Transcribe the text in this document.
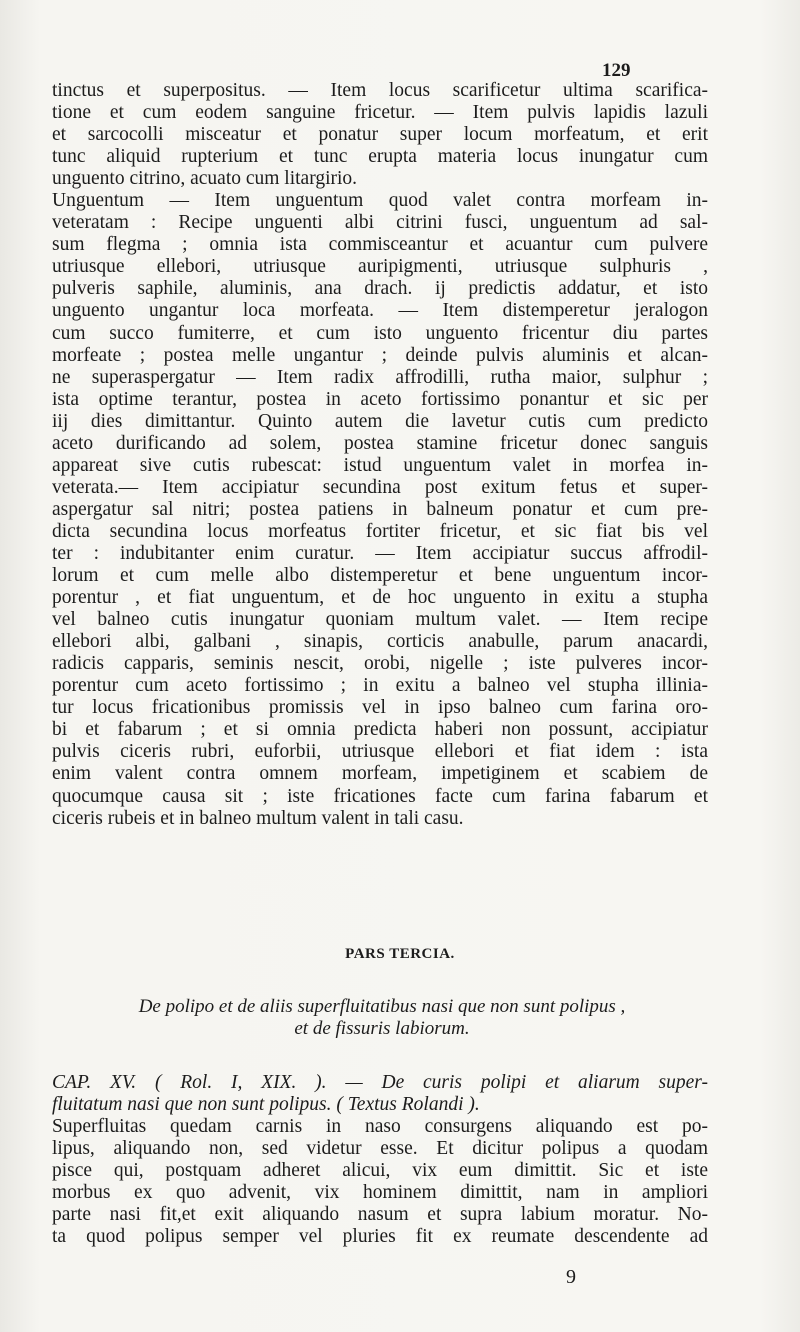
129
tinctus et superpositus. — Item locus scarificetur ultima scarifica-
tione et cum eodem sanguine fricetur. — Item pulvis lapidis lazuli
et sarcocolli misceatur et ponatur super locum morfeatum, et erit
tunc aliquid rupterium et tunc erupta materia locus inungatur cum
unguento citrino, acuato cum litargirio.
Unguentum — Item unguentum quod valet contra morfeam in-
veteratam : Recipe unguenti albi citrini fusci, unguentum ad sal-
sum flegma ; omnia ista commisceantur et acuantur cum pulvere
utriusque ellebori, utriusque auripigmenti, utriusque sulphuris ,
pulveris saphile, aluminis, ana drach. ij predictis addatur, et isto
unguento ungantur loca morfeata. — Item distemperetur jeralogon
cum succo fumiterre, et cum isto unguento fricentur diu partes
morfeate ; postea melle ungantur ; deinde pulvis aluminis et alcan-
ne superaspergatur — Item radix affrodilli, rutha maior, sulphur ;
ista optime terantur, postea in aceto fortissimo ponantur et sic per
iij dies dimittantur. Quinto autem die lavetur cutis cum predicto
aceto durificando ad solem, postea stamine fricetur donec sanguis
appareat sive cutis rubescat: istud unguentum valet in morfea in-
veterata.— Item accipiatur secundina post exitum fetus et super-
aspergatur sal nitri; postea patiens in balneum ponatur et cum pre-
dicta secundina locus morfeatus fortiter fricetur, et sic fiat bis vel
ter : indubitanter enim curatur. — Item accipiatur succus affrodil-
lorum et cum melle albo distemperetur et bene unguentum incor-
porentur , et fiat unguentum, et de hoc unguento in exitu a stupha
vel balneo cutis inungatur quoniam multum valet. — Item recipe
ellebori albi, galbani , sinapis, corticis anabulle, parum anacardi,
radicis capparis, seminis nescit, orobi, nigelle ; iste pulveres incor-
porentur cum aceto fortissimo ; in exitu a balneo vel stupha illinia-
tur locus fricationibus promissis vel in ipso balneo cum farina oro-
bi et fabarum ; et si omnia predicta haberi non possunt, accipiatur
pulvis ciceris rubri, euforbii, utriusque ellebori et fiat idem : ista
enim valent contra omnem morfeam, impetiginem et scabiem de
quocumque causa sit ; iste fricationes facte cum farina fabarum et
ciceris rubeis et in balneo multum valent in tali casu.
PARS TERCIA.
De polipo et de aliis superfluitatibus nasi que non sunt polipus ,
et de fissuris labiorum.
CAP. XV. ( Rol. I, XIX. ). — De curis polipi et aliarum super-
fluitatum nasi que non sunt polipus. ( Textus Rolandi ).
Superfluitas quedam carnis in naso consurgens aliquando est po-
lipus, aliquando non, sed videtur esse. Et dicitur polipus a quodam
pisce qui, postquam adheret alicui, vix eum dimittit. Sic et iste
morbus ex quo advenit, vix hominem dimittit, nam in ampliori
parte nasi fit,et exit aliquando nasum et supra labium moratur. No-
ta quod polipus semper vel pluries fit ex reumate descendente ad
9
